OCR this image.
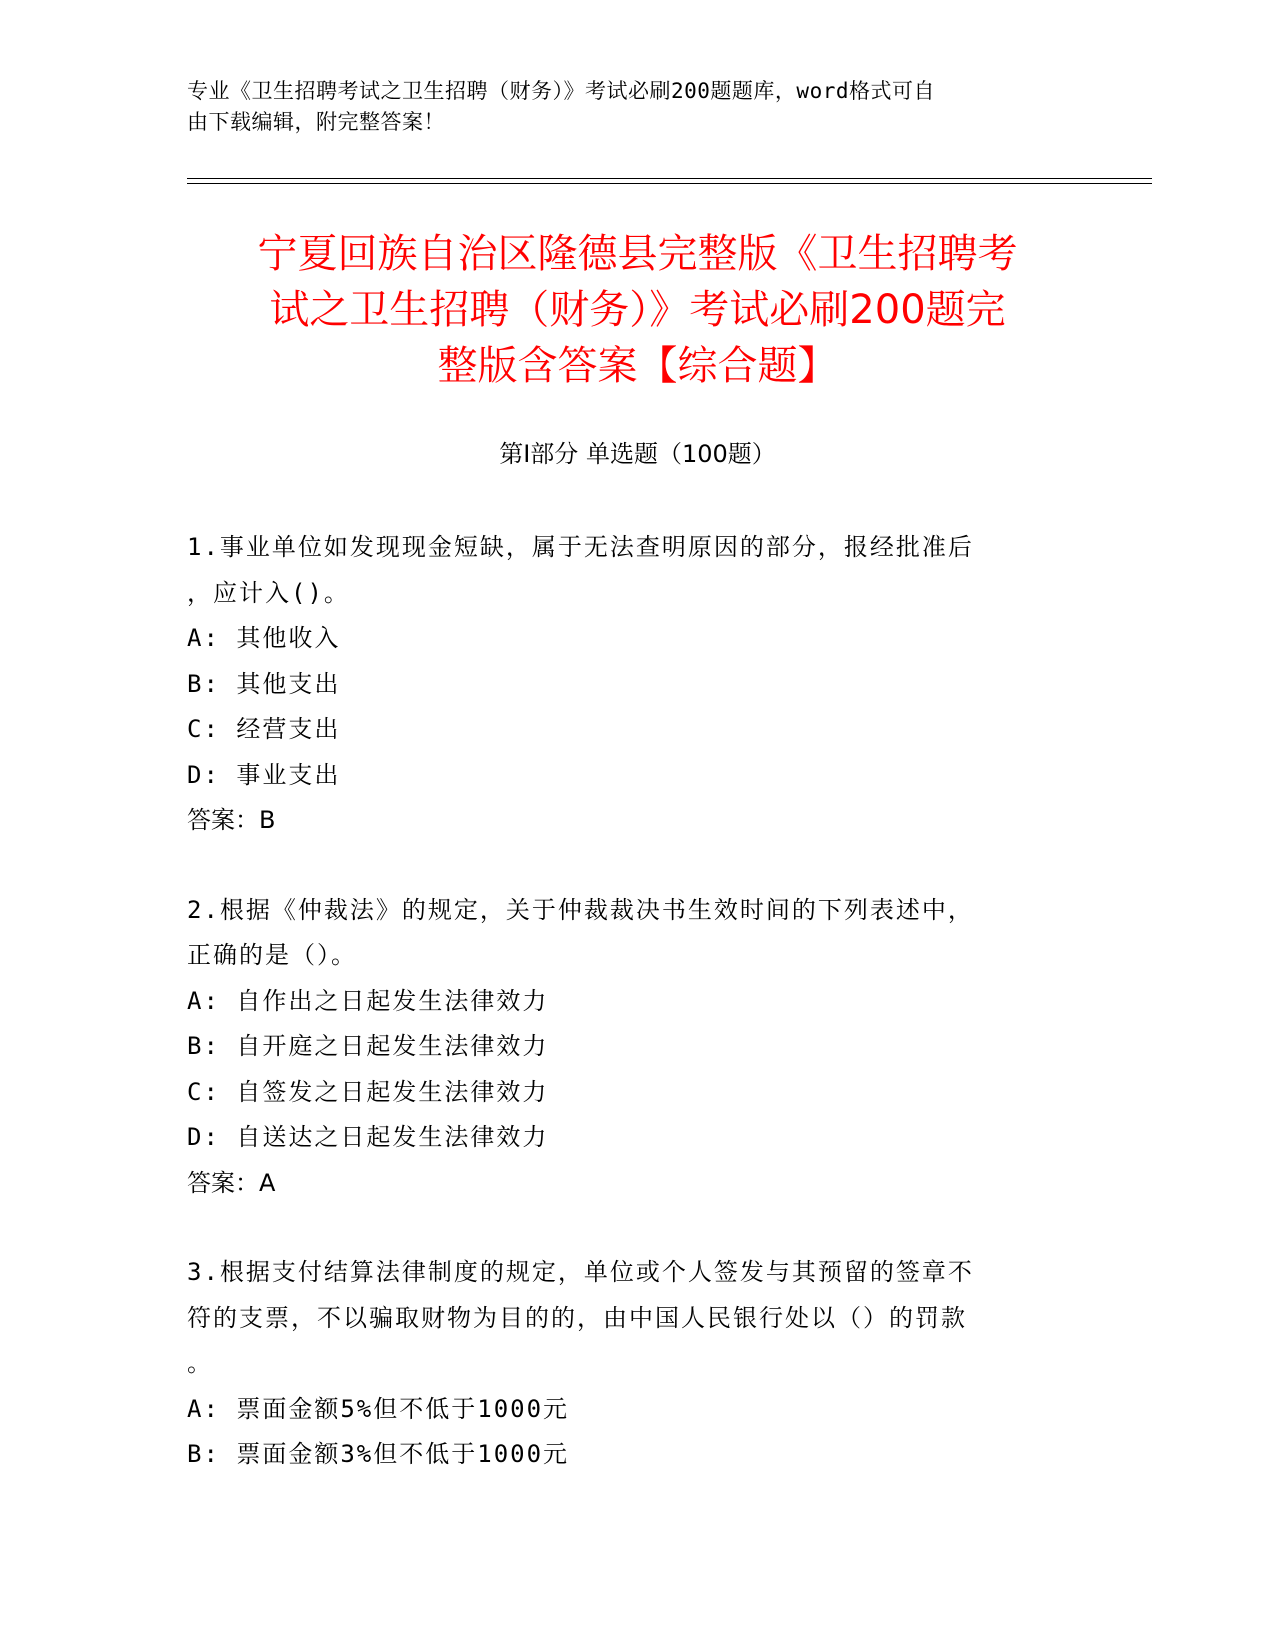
专业《卫生招聘考试之卫生招聘（财务）》考试必刷200题题库，word格式可自
由下载编辑，附完整答案！
宁夏回族自治区隆德县完整版《卫生招聘考
试之卫生招聘（财务）》考试必刷200题完
整版含答案【综合题】
第Ⅰ部分 单选题（100题）

1.事业单位如发现现金短缺，属于无法查明原因的部分，报经批准后

，应计入()。

A: 其他收入

B: 其他支出

C: 经营支出

D: 事业支出

答案：B

2.根据《仲裁法》的规定，关于仲裁裁决书生效时间的下列表述中，

正确的是（）。

A: 自作出之日起发生法律效力

B: 自开庭之日起发生法律效力

C: 自签发之日起发生法律效力

D: 自送达之日起发生法律效力

答案：A

3.根据支付结算法律制度的规定，单位或个人签发与其预留的签章不

符的支票，不以骗取财物为目的的，由中国人民银行处以（）的罚款

。

A: 票面金额5%但不低于1000元

B: 票面金额3%但不低于1000元
